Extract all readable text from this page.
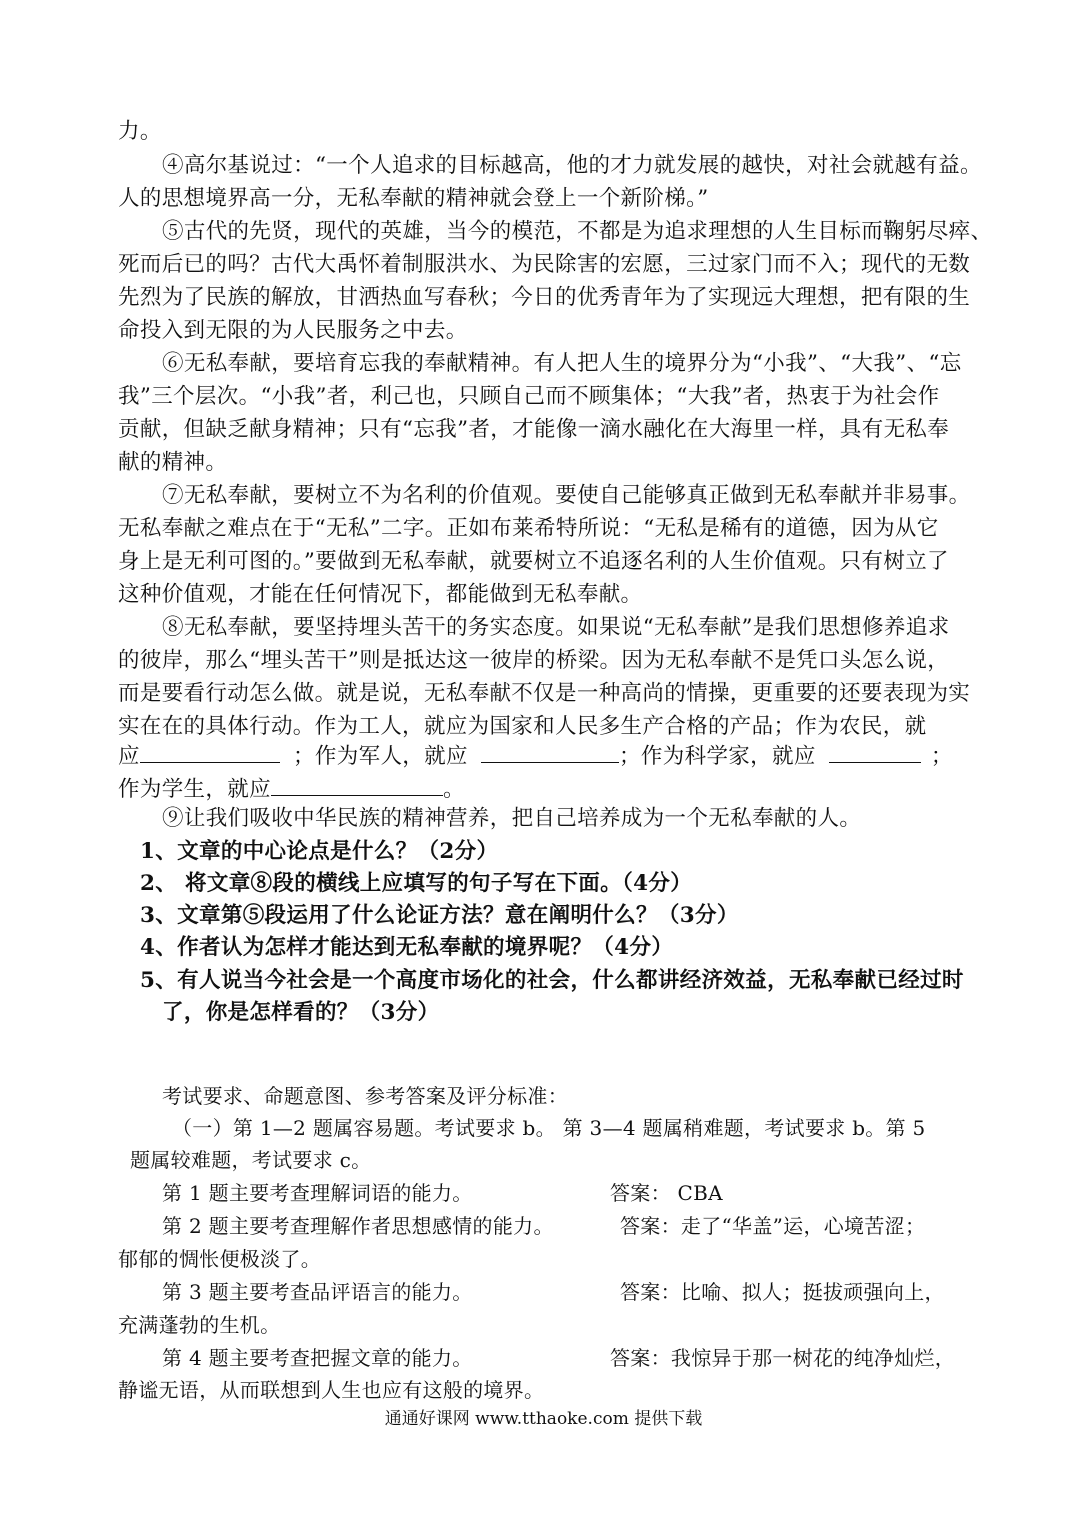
力。
④高尔基说过：“一个人追求的目标越高，他的才力就发展的越快，对社会就越有益。
人的思想境界高一分，无私奉献的精神就会登上一个新阶梯。”
⑤古代的先贤，现代的英雄，当今的模范，不都是为追求理想的人生目标而鞠躬尽瘁、
死而后已的吗？古代大禹怀着制服洪水、为民除害的宏愿，三过家门而不入；现代的无数
先烈为了民族的解放，甘洒热血写春秋；今日的优秀青年为了实现远大理想，把有限的生
命投入到无限的为人民服务之中去。
⑥无私奉献，要培育忘我的奉献精神。有人把人生的境界分为“小我”、“大我”、“忘
我”三个层次。“小我”者，利己也，只顾自己而不顾集体；“大我”者，热衷于为社会作
贡献，但缺乏献身精神；只有“忘我”者，才能像一滴水融化在大海里一样，具有无私奉
献的精神。
⑦无私奉献，要树立不为名利的价值观。要使自己能够真正做到无私奉献并非易事。
无私奉献之难点在于“无私”二字。正如布莱希特所说：“无私是稀有的道德，因为从它
身上是无利可图的。”要做到无私奉献，就要树立不追逐名利的人生价值观。只有树立了
这种价值观，才能在任何情况下，都能做到无私奉献。
⑧无私奉献，要坚持埋头苦干的务实态度。如果说“无私奉献”是我们思想修养追求
的彼岸，那么“埋头苦干”则是抵达这一彼岸的桥梁。因为无私奉献不是凭口头怎么说，
而是要看行动怎么做。就是说，无私奉献不仅是一种高尚的情操，更重要的还要表现为实
实在在的具体行动。作为工人，就应为国家和人民多生产合格的产品；作为农民，就
应	；作为军人，就应	；作为科学家，就应	；
作为学生，就应	。
⑨让我们吸收中华民族的精神营养，把自己培养成为一个无私奉献的人。
1、文章的中心论点是什么？（2分）
2、 将文章⑧段的横线上应填写的句子写在下面。（4分）
3、文章第⑤段运用了什么论证方法？意在阐明什么？（3分）
4、作者认为怎样才能达到无私奉献的境界呢？（4分）
5、有人说当今社会是一个高度市场化的社会，什么都讲经济效益，无私奉献已经过时
了，你是怎样看的？（3分）
考试要求、命题意图、参考答案及评分标准：
（一）第 1—2 题属容易题。考试要求 b。 第 3—4 题属稍难题，考试要求 b。第 5
题属较难题，考试要求 c。
第 1 题主要考查理解词语的能力。	答案： CBA
第 2 题主要考查理解作者思想感情的能力。	答案：走了“华盖”运，心境苦涩；
郁郁的惆怅便极淡了。
第 3 题主要考查品评语言的能力。	答案：比喻、拟人；挺拔顽强向上，
充满蓬勃的生机。
第 4 题主要考查把握文章的能力。	答案：我惊异于那一树花的纯净灿烂，
静谧无语，从而联想到人生也应有这般的境界。
通通好课网 www.tthaoke.com 提供下载
